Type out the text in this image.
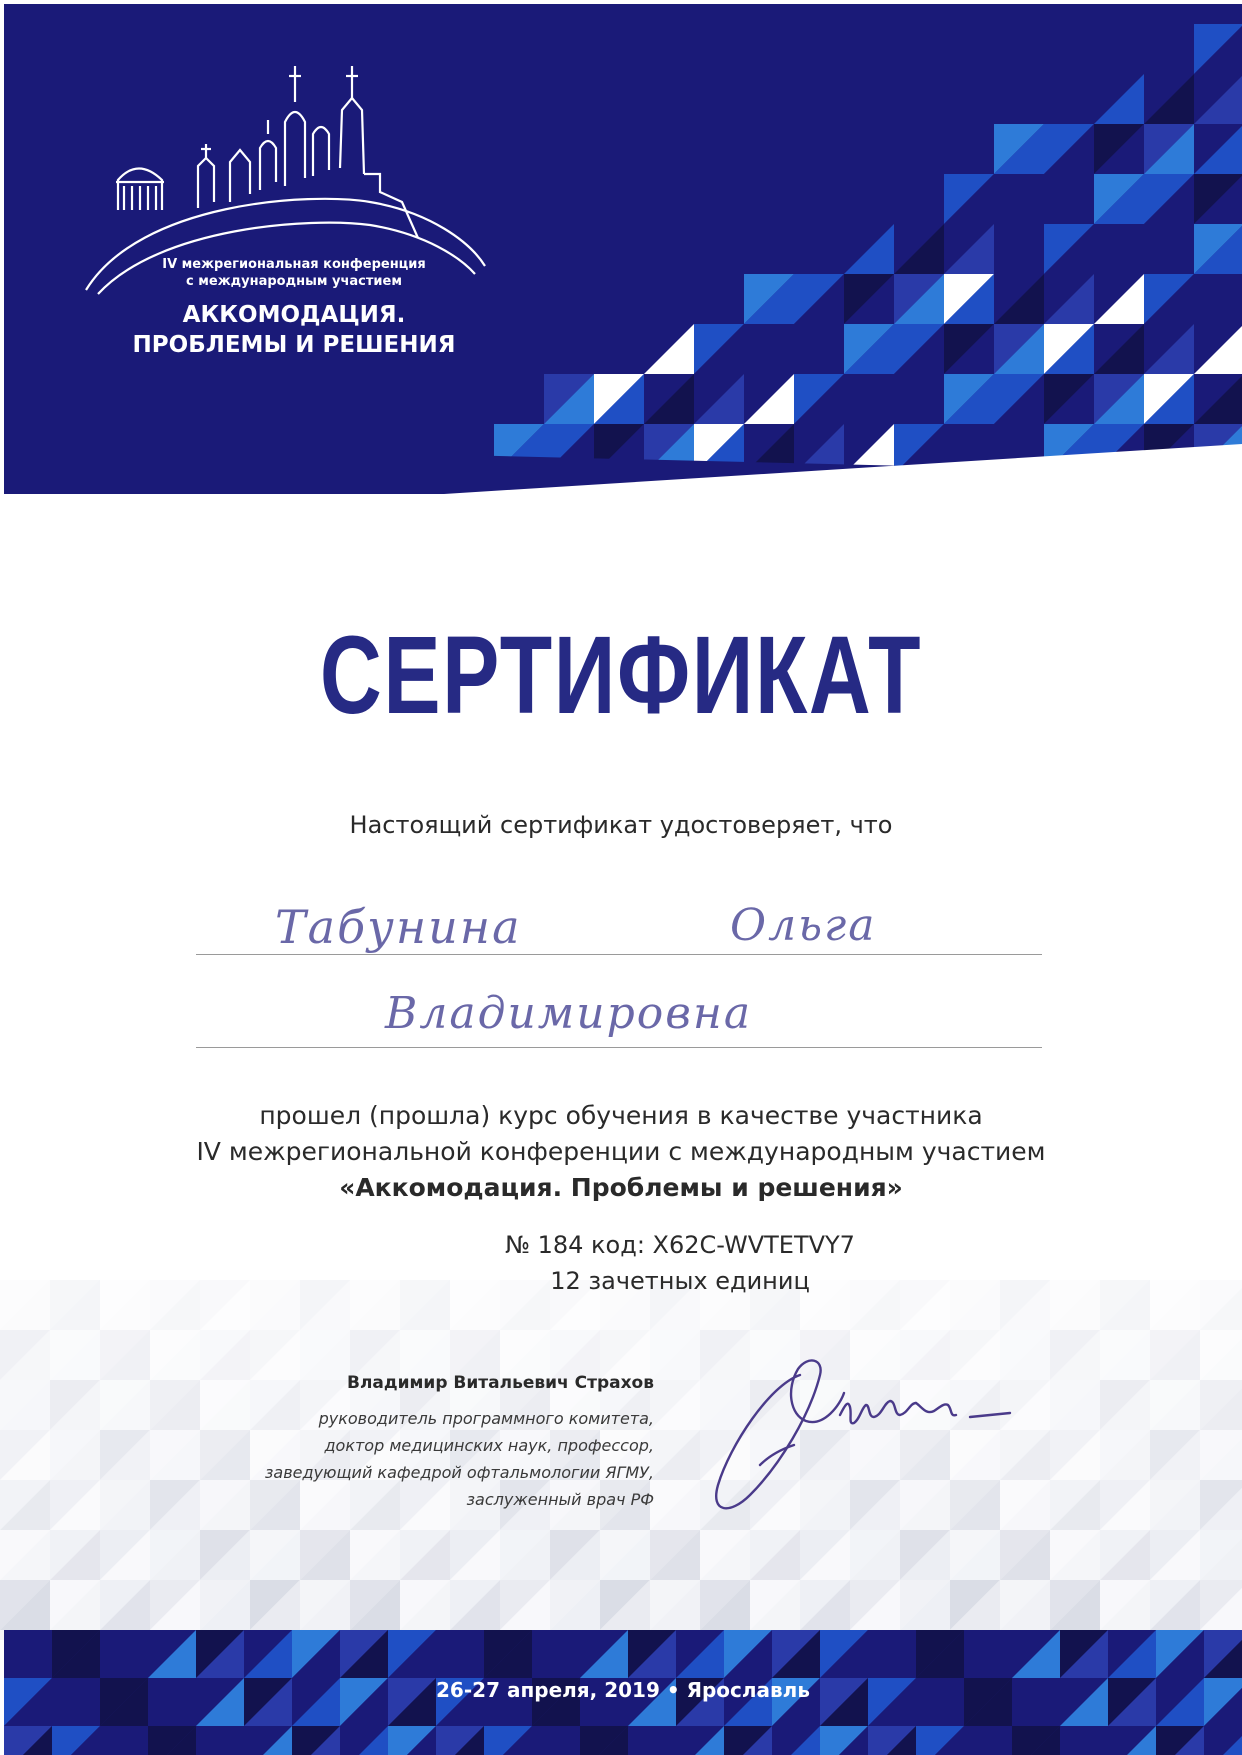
IV межрегиональная конференция
с международным участием
АККОМОДАЦИЯ.
ПРОБЛЕМЫ И РЕШЕНИЯ
СЕРТИФИКАТ
Настоящий сертификат удостоверяет, что
Табунина	Ольга
Владимировна
прошел (прошла) курс обучения в качестве участника
IV межрегиональной конференции с международным участием
«Аккомодация. Проблемы и решения»
№ 184 код: X62C-WVTETVY7
12 зачетных единиц
Владимир Витальевич Страхов
руководитель программного комитета,
доктор медицинских наук, профессор,
заведующий кафедрой офтальмологии ЯГМУ,
заслуженный врач РФ
26-27 апреля, 2019 • Ярославль
